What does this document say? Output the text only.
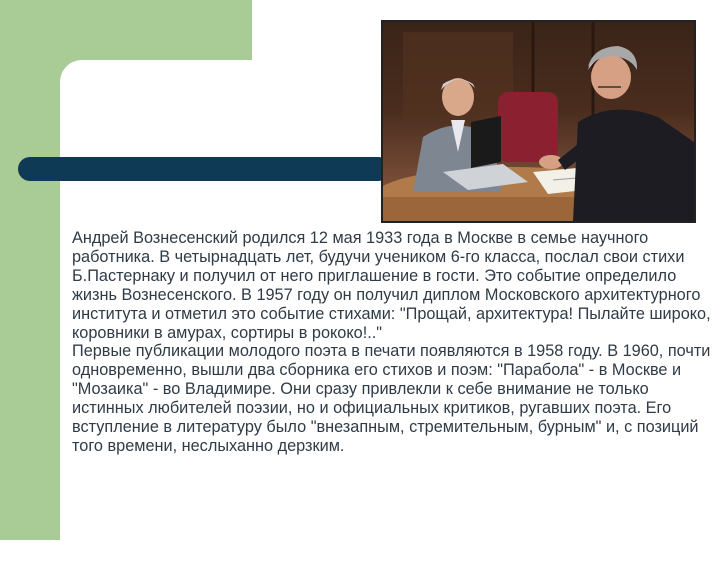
Андрей Вознесенский родился 12 мая 1933 года в Москве в семье научного работника. В четырнадцать лет, будучи учеником 6-го класса, послал свои стихи Б.Пастернаку и получил от него приглашение в гости. Это событие определило жизнь Вознесенского. В 1957 году он получил диплом Московского архитектурного института и отметил это событие стихами: "Прощай, архитектура! Пылайте широко, коровники в амурах, сортиры в рококо!.."
Первые публикации молодого поэта в печати появляются в 1958 году. В 1960, почти одновременно, вышли два сборника его стихов и поэм: "Парабола" - в Москве и "Мозаика" - во Владимире. Они сразу привлекли к себе внимание не только истинных любителей поэзии, но и официальных критиков, ругавших поэта. Его вступление в литературу было "внезапным, стремительным, бурным" и, с позиций того времени, неслыханно дерзким.
